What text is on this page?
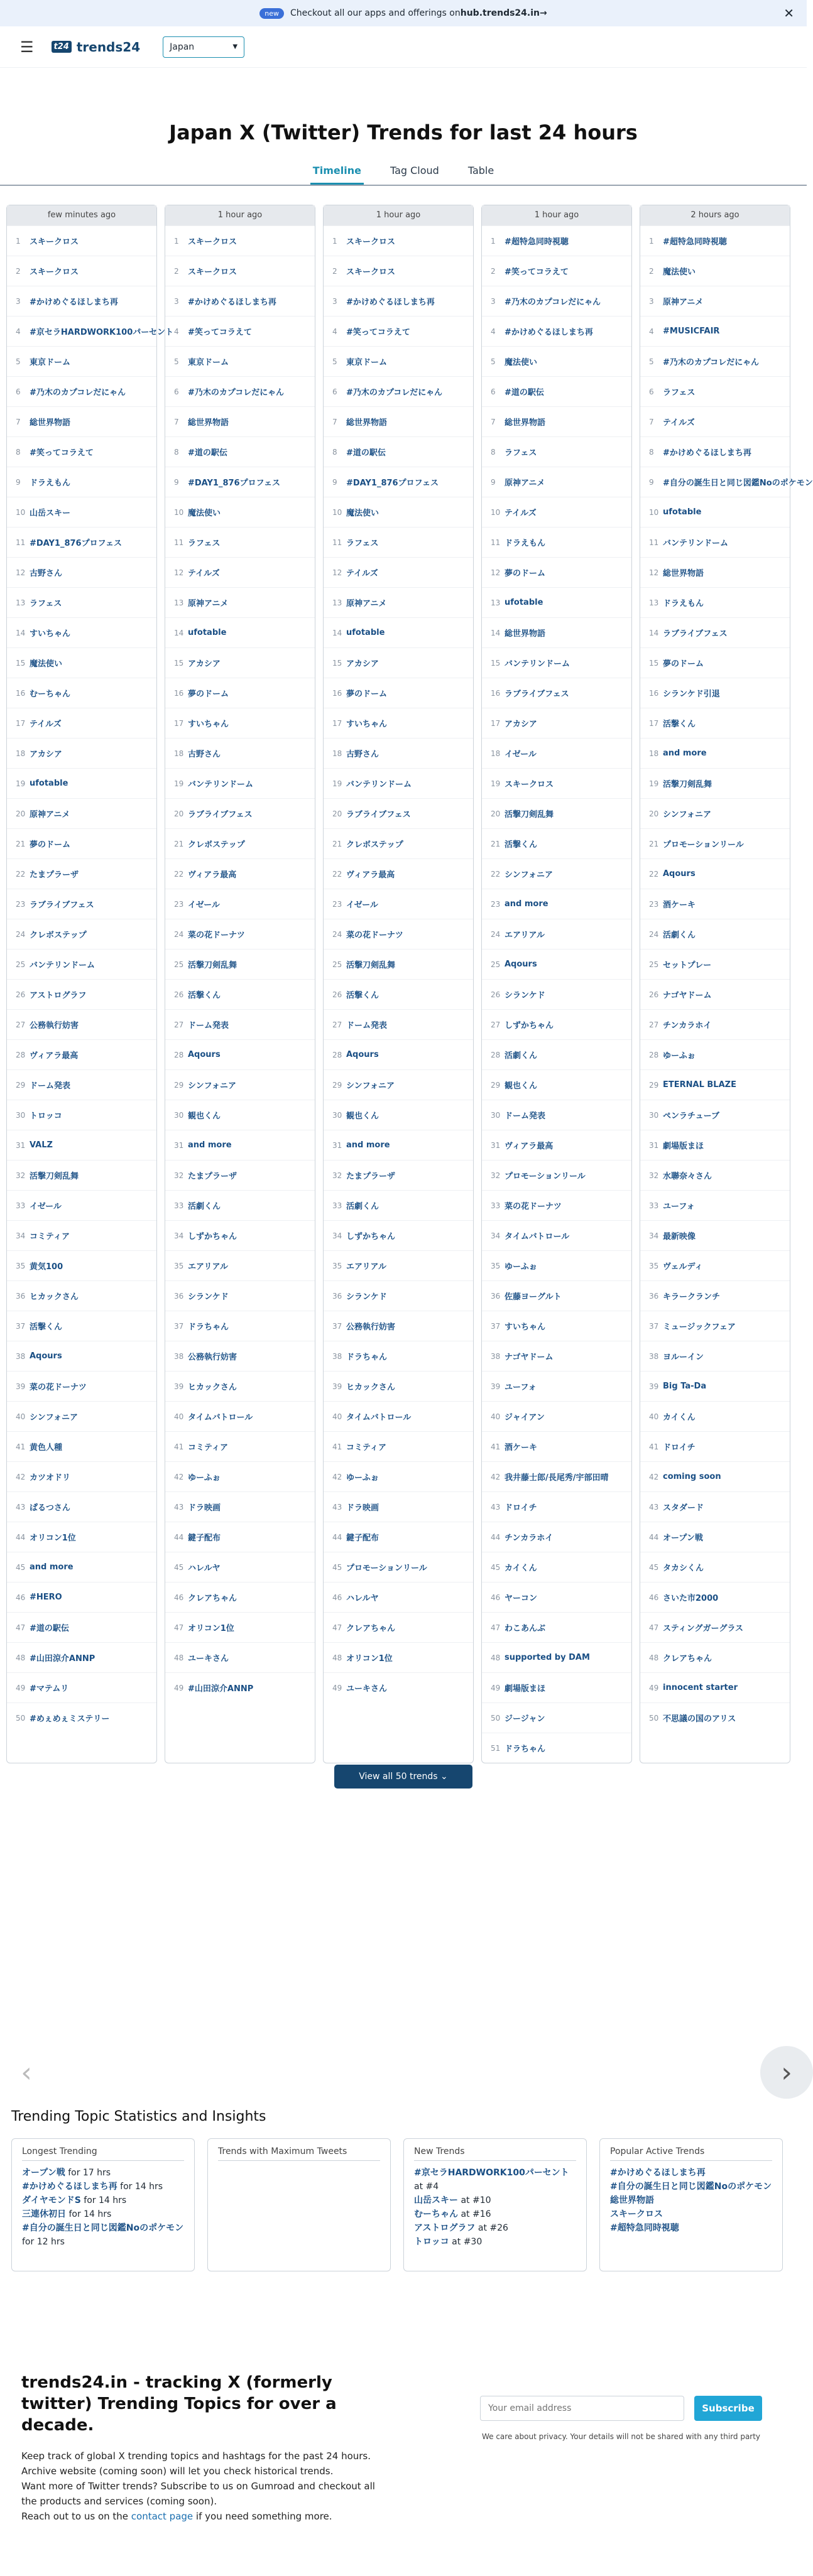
new	Checkout all our apps and offerings on hub.trends24.in→	✕
☰	t24 trends24	Japan	▼
Japan X (Twitter) Trends for last 24 hours
Timeline	Tag Cloud	Table
few minutes ago
1	スキークロス
2	スキークロス
3	#かけめぐるほしまち再
4	#京セラHARDWORK100パーセント
5	東京ドーム
6	#乃木のカプコレだにゃん
7	総世界物語
8	#笑ってコラえて
9	ドラえもん
10 山岳スキー
11 #DAY1_876プロフェス
12 古野さん
13 ラフェス
14 すいちゃん
15 魔法使い
16 むーちゃん
17 テイルズ
18 アカシア
19 ufotable
20 原神アニメ
21 夢のドーム
22 たまプラーザ
23 ラブライブフェス
24 クレボステップ
25 バンテリンドーム
26 アストログラフ
27 公務執行妨害
28 ヴィアラ最高
29 ドーム発表
30 トロッコ
31 VALZ
32 活撃刀剣乱舞
33 イゼール
34 コミティア
35 黄気100
36 ヒカックさん
37 活撃くん
38 Aqours
39 菜の花ドーナツ
40 シンフォニア
41 黄色人種
42 カツオドリ
43 ぱるつさん
44 オリコン1位
45 and more
46 #HERO
47 #道の駅伝
48 #山田涼介ANNP
49 #マテムリ
50 #めぇめぇミステリー
1 hour ago
1	スキークロス
2	スキークロス
3	#かけめぐるほしまち再
4	#笑ってコラえて
5	東京ドーム
6	#乃木のカプコレだにゃん
7	総世界物語
8	#道の駅伝
9	#DAY1_876プロフェス
10 魔法使い
11 ラフェス
12 テイルズ
13 原神アニメ
14 ufotable
15 アカシア
16 夢のドーム
17 すいちゃん
18 古野さん
19 バンテリンドーム
20 ラブライブフェス
21 クレボステップ
22 ヴィアラ最高
23 イゼール
24 菜の花ドーナツ
25 活撃刀剣乱舞
26 活撃くん
27 ドーム発表
28 Aqours
29 シンフォニア
30 観也くん
31 and more
32 たまプラーザ
33 活劇くん
34 しずかちゃん
35 エアリアル
36 シランケド
37 ドラちゃん
38 公務執行妨害
39 ヒカックさん
40 タイムバトロール
41 コミティア
42 ゆーふぉ
43 ドラ映画
44 鍵子配布
45 ハレルヤ
46 クレアちゃん
47 オリコン1位
48 ユーキさん
49 #山田涼介ANNP
1 hour ago
1	スキークロス
2	スキークロス
3	#かけめぐるほしまち再
4	#笑ってコラえて
5	東京ドーム
6	#乃木のカプコレだにゃん
7	総世界物語
8	#道の駅伝
9	#DAY1_876プロフェス
10 魔法使い
11 ラフェス
12 テイルズ
13 原神アニメ
14 ufotable
15 アカシア
16 夢のドーム
17 すいちゃん
18 古野さん
19 バンテリンドーム
20 ラブライブフェス
21 クレボステップ
22 ヴィアラ最高
23 イゼール
24 菜の花ドーナツ
25 活撃刀剣乱舞
26 活撃くん
27 ドーム発表
28 Aqours
29 シンフォニア
30 観也くん
31 and more
32 たまプラーザ
33 活劇くん
34 しずかちゃん
35 エアリアル
36 シランケド
37 公務執行妨害
38 ドラちゃん
39 ヒカックさん
40 タイムバトロール
41 コミティア
42 ゆーふぉ
43 ドラ映画
44 鍵子配布
45 プロモーションリール
46 ハレルヤ
47 クレアちゃん
48 オリコン1位
49 ユーキさん
1 hour ago
1	#超特急同時視聴
2	#笑ってコラえて
3	#乃木のカプコレだにゃん
4	#かけめぐるほしまち再
5	魔法使い
6	#道の駅伝
7	総世界物語
8	ラフェス
9	原神アニメ
10 テイルズ
11 ドラえもん
12 夢のドーム
13 ufotable
14 総世界物語
15 バンテリンドーム
16 ラブライブフェス
17 アカシア
18 イゼール
19 スキークロス
20 活撃刀剣乱舞
21 活撃くん
22 シンフォニア
23 and more
24 エアリアル
25 Aqours
26 シランケド
27 しずかちゃん
28 活劇くん
29 観也くん
30 ドーム発表
31 ヴィアラ最高
32 プロモーションリール
33 菜の花ドーナツ
34 タイムバトロール
35 ゆーふぉ
36 佐藤ヨーグルト
37 すいちゃん
38 ナゴヤドーム
39 ユーフォ
40 ジャイアン
41 酒ケーキ
42 我井藤士郎/長尾秀/宇部田晴
43 ドロイチ
44 チンカラホイ
45 カイくん
46 ヤーコン
47 わこあんぶ
48 supported by DAM
49 劇場版まほ
50 ジージャン
51 ドラちゃん
2 hours ago
1	#超特急同時視聴
2	魔法使い
3	原神アニメ
4	#MUSICFAIR
5	#乃木のカプコレだにゃん
6	ラフェス
7	テイルズ
8	#かけめぐるほしまち再
9	#自分の誕生日と同じ図鑑Noのポケモン
10 ufotable
11 バンテリンドーム
12 総世界物語
13 ドラえもん
14 ラブライブフェス
15 夢のドーム
16 シランケド引退
17 活撃くん
18 and more
19 活撃刀剣乱舞
20 シンフォニア
21 プロモーションリール
22 Aqours
23 酒ケーキ
24 活劇くん
25 セットプレー
26 ナゴヤドーム
27 チンカラホイ
28 ゆーふぉ
29 ETERNAL BLAZE
30 ペンラチューブ
31 劇場版まほ
32 水聯奈々さん
33 ユーフォ
34 最新映像
35 ヴェルディ
36 キラークランチ
37 ミュージックフェア
38 ヨルーイン
39 Big Ta-Da
40 カイくん
41 ドロイチ
42 coming soon
43 スタダード
44 オープン戦
45 タカシくん
46 さいた市2000
47 スティングガーグラス
48 クレアちゃん
49 innocent starter
50 不思議の国のアリス
View all 50 trends ⌄
‹	›
Trending Topic Statistics and Insights
Longest Trending
オープン戦 for 17 hrs
#かけめぐるほしまち再 for 14 hrs
ダイヤモンドS for 14 hrs
三連休初日 for 14 hrs
#自分の誕生日と同じ図鑑Noのポケモン for 12 hrs
Trends with Maximum Tweets	New Trends
#京セラHARDWORK100パーセント at #4
山岳スキー at #10
むーちゃん at #16
アストログラフ at #26
トロッコ at #30
Popular Active Trends
#かけめぐるほしまち再
#自分の誕生日と同じ図鑑Noのポケモン
総世界物語
スキークロス
#超特急同時視聴
trends24.in - tracking X (formerly twitter) Trending Topics for over a decade.

Keep track of global X trending topics and hashtags for the past 24 hours.
Archive website (coming soon) will let you check historical trends.
Want more of Twitter trends? Subscribe to us on Gumroad and checkout all the products and services (coming soon).
Reach out to us on the contact page if you need something more.

Your email address
Subscribe
We care about privacy. Your details will not be shared with any third party
